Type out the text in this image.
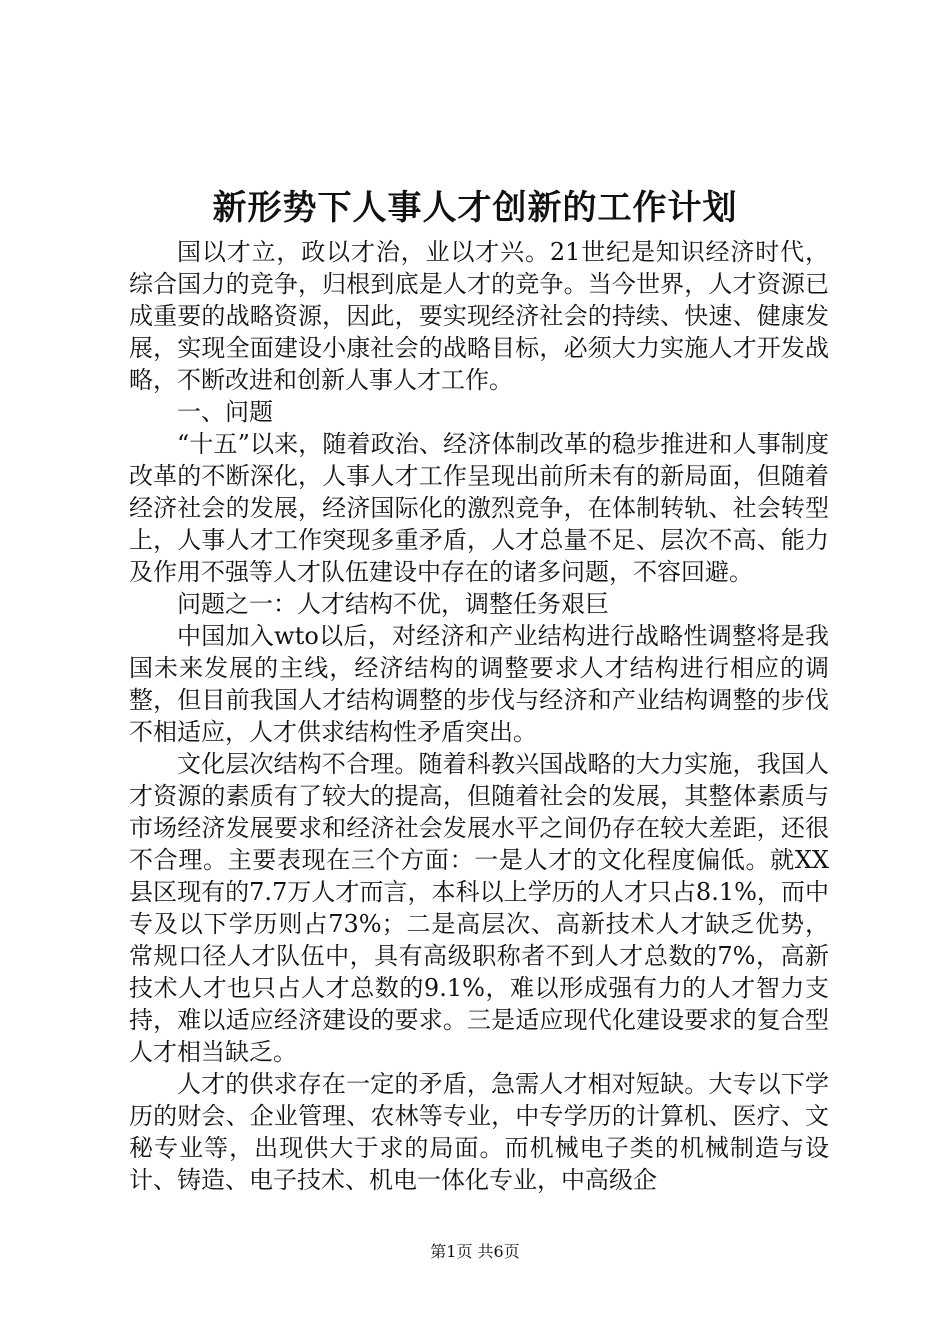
新形势下人事人才创新的工作计划

国以才立，政以才治，业以才兴。21世纪是知识经济时代，综合国力的竞争，归根到底是人才的竞争。当今世界，人才资源已成重要的战略资源，因此，要实现经济社会的持续、快速、健康发展，实现全面建设小康社会的战略目标，必须大力实施人才开发战略，不断改进和创新人事人才工作。

一、问题

“十五”以来，随着政治、经济体制改革的稳步推进和人事制度改革的不断深化，人事人才工作呈现出前所未有的新局面，但随着经济社会的发展，经济国际化的激烈竞争，在体制转轨、社会转型上，人事人才工作突现多重矛盾，人才总量不足、层次不高、能力及作用不强等人才队伍建设中存在的诸多问题，不容回避。

问题之一：人才结构不优，调整任务艰巨

中国加入wto以后，对经济和产业结构进行战略性调整将是我国未来发展的主线，经济结构的调整要求人才结构进行相应的调整，但目前我国人才结构调整的步伐与经济和产业结构调整的步伐不相适应，人才供求结构性矛盾突出。

文化层次结构不合理。随着科教兴国战略的大力实施，我国人才资源的素质有了较大的提高，但随着社会的发展，其整体素质与市场经济发展要求和经济社会发展水平之间仍存在较大差距，还很不合理。主要表现在三个方面：一是人才的文化程度偏低。就XX县区现有的7.7万人才而言，本科以上学历的人才只占8.1%，而中专及以下学历则占73%；二是高层次、高新技术人才缺乏优势，常规口径人才队伍中，具有高级职称者不到人才总数的7%，高新技术人才也只占人才总数的9.1%，难以形成强有力的人才智力支持，难以适应经济建设的要求。三是适应现代化建设要求的复合型人才相当缺乏。

人才的供求存在一定的矛盾，急需人才相对短缺。大专以下学历的财会、企业管理、农林等专业，中专学历的计算机、医疗、文秘专业等，出现供大于求的局面。而机械电子类的机械制造与设计、铸造、电子技术、机电一体化专业，中高级企

第1页 共6页
